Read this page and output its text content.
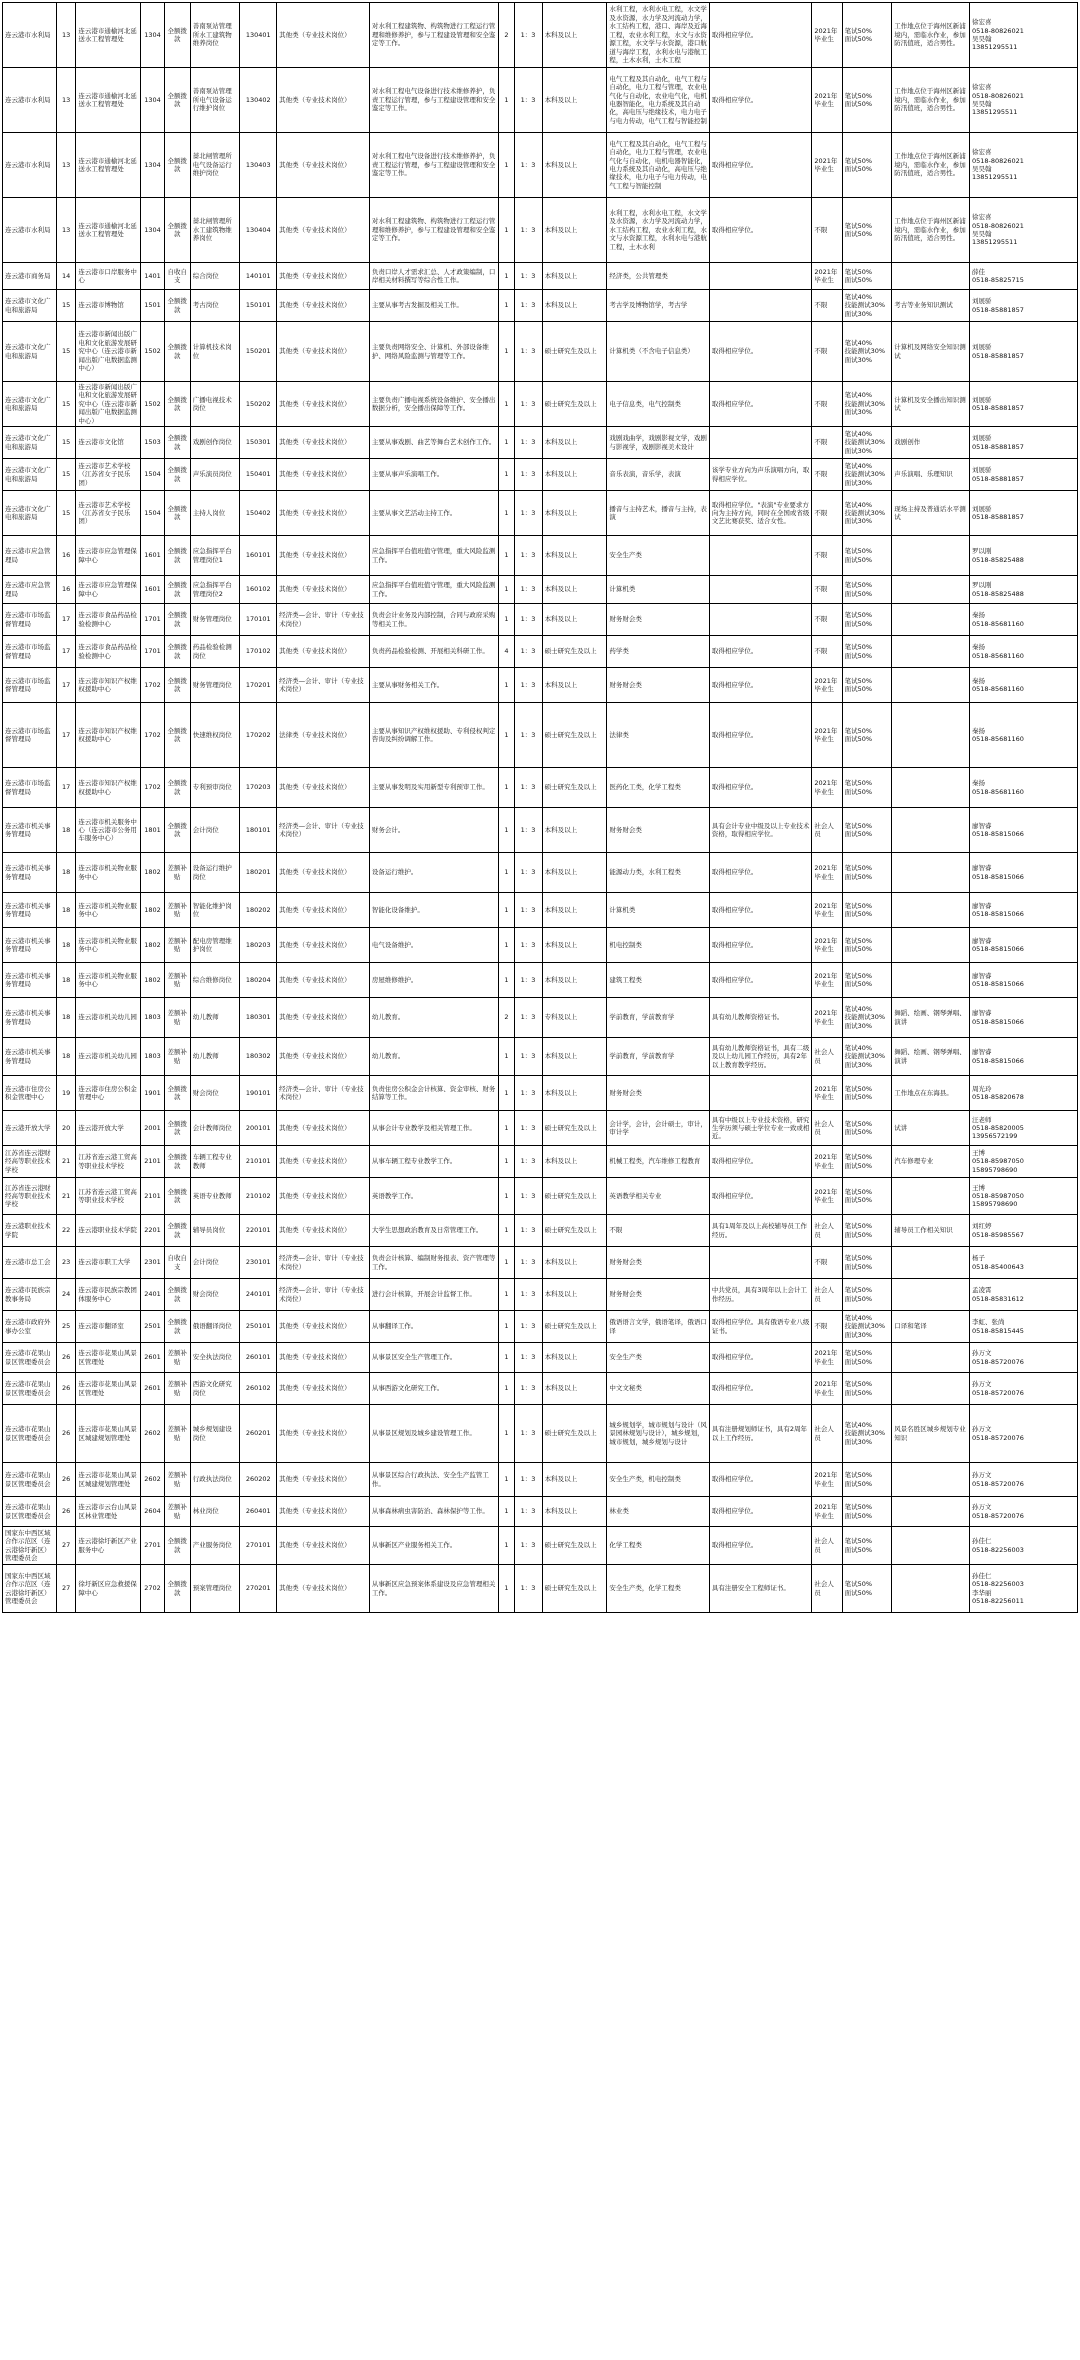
连云港市水利局	13	连云港市通榆河北延送水工程管理处	1304	全额拨款	善南泵站管理所水工建筑物维养岗位	130401	其他类（专业技术岗位）	对水利工程建筑物、构筑物进行工程运行管理和维修养护，参与工程建设管理和安全鉴定等工作。	2	1：3	本科及以上	水利工程，水利水电工程，水文学及水资源，水力学及河流动力学，水工结构工程，港口、海岸及近海工程，农业水利工程，水文与水资源工程，水文学与水资源，港口航道与海岸工程，水利水电与港航工程，土木水利，土木工程	取得相应学位。	2021年毕业生	笔试50%
面试50%	工作地点位于海州区新浦境内，需临水作业，参加防汛值班，适合男性。	徐宏喜
0518-80826021
吴昊翰
13851295511
连云港市水利局	13	连云港市通榆河北延送水工程管理处	1304	全额拨款	善南泵站管理所电气设备运行维护岗位	130402	其他类（专业技术岗位）	对水利工程电气设备进行技术维修养护，负责工程运行管理，参与工程建设管理和安全鉴定等工作。	1	1：3	本科及以上	电气工程及其自动化，电气工程与自动化，电力工程与管理，农业电气化与自动化，农业电气化，电机电器智能化，电力系统及其自动化，高电压与绝缘技术，电力电子与电力传动，电气工程与智能控制	取得相应学位。	2021年毕业生	笔试50%
面试50%	工作地点位于海州区新浦境内，需临水作业，参加防汛值班，适合男性。	徐宏喜
0518-80826021
吴昊翰
13851295511
连云港市水利局	13	连云港市通榆河北延送水工程管理处	1304	全额拨款	蔷北闸管理所电气设备运行维护岗位	130403	其他类（专业技术岗位）	对水利工程电气设备进行技术维修养护，负责工程运行管理，参与工程建设管理和安全鉴定等工作。	1	1：3	本科及以上	电气工程及其自动化，电气工程与自动化，电力工程与管理，农业电气化与自动化，电机电器智能化，电力系统及其自动化，高电压与绝缘技术，电力电子与电力传动，电气工程与智能控制	取得相应学位。	2021年毕业生	笔试50%
面试50%	工作地点位于海州区新浦境内，需临水作业，参加防汛值班，适合男性。	徐宏喜
0518-80826021
吴昊翰
13851295511
连云港市水利局	13	连云港市通榆河北延送水工程管理处	1304	全额拨款	蔷北闸管理所水工建筑物维养岗位	130404	其他类（专业技术岗位）	对水利工程建筑物、构筑物进行工程运行管理和维修养护，参与工程建设管理和安全鉴定等工作。	1	1：3	本科及以上	水利工程，水利水电工程，水文学及水资源，水力学及河流动力学，水工结构工程，农业水利工程，水文与水资源工程，水利水电与港航工程，土木水利	取得相应学位。	不限	笔试50%
面试50%	工作地点位于海州区新浦境内，需临水作业，参加防汛值班，适合男性。	徐宏喜
0518-80826021
吴昊翰
13851295511
连云港市商务局	14	连云港市口岸服务中心	1401	自收自支	综合岗位	140101	其他类（专业技术岗位）	负责口岸人才需求汇总、人才政策编制，口岸相关材料撰写等综合性工作。	1	1：3	本科及以上	经济类，公共管理类		2021年毕业生	笔试50%
面试50%		薛佳
0518-85825715
连云港市文化广电和旅游局	15	连云港市博物馆	1501	全额拨款	考古岗位	150101	其他类（专业技术岗位）	主要从事考古发掘及相关工作。	1	1：3	本科及以上	考古学及博物馆学，考古学		不限	笔试40%
技能测试30%
面试30%	考古等业务知识测试	刘展骄
0518-85881857
连云港市文化广电和旅游局	15	连云港市新闻出版广电和文化旅游发展研究中心（连云港市新闻出版广电数据监测中心）	1502	全额拨款	计算机技术岗位	150201	其他类（专业技术岗位）	主要负责网络安全、计算机、外部设备维护、网络风险监测与管理等工作。	1	1：3	硕士研究生及以上	计算机类（不含电子信息类）	取得相应学位。	不限	笔试40%
技能测试30%
面试30%	计算机及网络安全知识测试	刘展骄
0518-85881857
连云港市文化广电和旅游局	15	连云港市新闻出版广电和文化旅游发展研究中心（连云港市新闻出版广电数据监测中心）	1502	全额拨款	广播电视技术岗位	150202	其他类（专业技术岗位）	主要负责广播电视系统设备维护、安全播出数据分析，安全播出保障等工作。	1	1：3	硕士研究生及以上	电子信息类，电气控制类	取得相应学位。	不限	笔试40%
技能测试30%
面试30%	计算机及安全播出知识测试	刘展骄
0518-85881857
连云港市文化广电和旅游局	15	连云港市文化馆	1503	全额拨款	戏剧创作岗位	150301	其他类（专业技术岗位）	主要从事戏剧、曲艺等舞台艺术创作工作。	1	1：3	本科及以上	戏剧戏曲学，戏剧影视文学，戏剧与影视学，戏剧影视美术设计		不限	笔试40%
技能测试30%
面试30%	戏剧创作	刘展骄
0518-85881857
连云港市文化广电和旅游局	15	连云港市艺术学校（江苏省女子民乐团）	1504	全额拨款	声乐演员岗位	150401	其他类（专业技术岗位）	主要从事声乐演唱工作。	1	1：3	本科及以上	音乐表演，音乐学，表演	该学专业方向为声乐演唱方向，取得相应学位。	不限	笔试40%
技能测试30%
面试30%	声乐演唱、乐理知识	刘展骄
0518-85881857
连云港市文化广电和旅游局	15	连云港市艺术学校（江苏省女子民乐团）	1504	全额拨款	主持人岗位	150402	其他类（专业技术岗位）	主要从事文艺活动主持工作。	1	1：3	本科及以上	播音与主持艺术，播音与主持，表演	取得相应学位。"表演"专业要求方向为主持方向，同时在全国或省级文艺比赛获奖、适合女性。	不限	笔试40%
技能测试30%
面试30%	现场主持及普通话水平测试	刘展骄
0518-85881857
连云港市应急管理局	16	连云港市应急管理保障中心	1601	全额拨款	应急指挥平台管理岗位1	160101	其他类（专业技术岗位）	应急指挥平台值班值守管理，重大风险监测工作。	1	1：3	本科及以上	安全生产类		不限	笔试50%
面试50%		罗以刚
0518-85825488
连云港市应急管理局	16	连云港市应急管理保障中心	1601	全额拨款	应急指挥平台管理岗位2	160102	其他类（专业技术岗位）	应急指挥平台值班值守管理，重大风险监测工作。	1	1：3	本科及以上	计算机类		不限	笔试50%
面试50%		罗以刚
0518-85825488
连云港市市场监督管理局	17	连云港市食品药品检验检测中心	1701	全额拨款	财务管理岗位	170101	经济类—会计、审计（专业技术岗位）	负责会计业务及内部控制，合同与政府采购等相关工作。	1	1：3	本科及以上	财务财会类		不限	笔试50%
面试50%		秦扬
0518-85681160
连云港市市场监督管理局	17	连云港市食品药品检验检测中心	1701	全额拨款	药品检验检测岗位	170102	其他类（专业技术岗位）	负责药品检验检测、开展相关科研工作。	4	1：3	硕士研究生及以上	药学类	取得相应学位。	不限	笔试50%
面试50%		秦扬
0518-85681160
连云港市市场监督管理局	17	连云港市知识产权维权援助中心	1702	全额拨款	财务管理岗位	170201	经济类—会计、审计（专业技术岗位）	主要从事财务相关工作。	1	1：3	本科及以上	财务财会类	取得相应学位。	2021年毕业生	笔试50%
面试50%		秦扬
0518-85681160
连云港市市场监督管理局	17	连云港市知识产权维权援助中心	1702	全额拨款	快速维权岗位	170202	法律类（专业技术岗位）	主要从事知识产权维权援助、专利侵权判定咨询及纠纷调解工作。	1	1：3	硕士研究生及以上	法律类	取得相应学位。	2021年毕业生	笔试50%
面试50%		秦扬
0518-85681160
连云港市市场监督管理局	17	连云港市知识产权维权援助中心	1702	全额拨款	专利预审岗位	170203	其他类（专业技术岗位）	主要从事发明及实用新型专利预审工作。	1	1：3	硕士研究生及以上	医药化工类，化学工程类	取得相应学位。	2021年毕业生	笔试50%
面试50%		秦扬
0518-85681160
连云港市机关事务管理局	18	连云港市机关服务中心（连云港市公务用车服务中心）	1801	全额拨款	会计岗位	180101	经济类—会计、审计（专业技术岗位）	财务会计。	1	1：3	本科及以上	财务财会类	具有会计专业中级及以上专业技术资格，取得相应学位。	社会人员	笔试50%
面试50%		廖智睿
0518-85815066
连云港市机关事务管理局	18	连云港市机关物业服务中心	1802	差额补贴	设备运行维护岗位	180201	其他类（专业技术岗位）	设备运行维护。	1	1：3	本科及以上	能源动力类，水利工程类	取得相应学位。	2021年毕业生	笔试50%
面试50%		廖智睿
0518-85815066
连云港市机关事务管理局	18	连云港市机关物业服务中心	1802	差额补贴	智能化维护岗位	180202	其他类（专业技术岗位）	智能化设备维护。	1	1：3	本科及以上	计算机类	取得相应学位。	2021年毕业生	笔试50%
面试50%		廖智睿
0518-85815066
连云港市机关事务管理局	18	连云港市机关物业服务中心	1802	差额补贴	配电房管理维护岗位	180203	其他类（专业技术岗位）	电气设备维护。	1	1：3	本科及以上	机电控制类	取得相应学位。	2021年毕业生	笔试50%
面试50%		廖智睿
0518-85815066
连云港市机关事务管理局	18	连云港市机关物业服务中心	1802	差额补贴	综合维修岗位	180204	其他类（专业技术岗位）	房屋维修维护。	1	1：3	本科及以上	建筑工程类	取得相应学位。	2021年毕业生	笔试50%
面试50%		廖智睿
0518-85815066
连云港市机关事务管理局	18	连云港市机关幼儿园	1803	差额补贴	幼儿教师	180301	其他类（专业技术岗位）	幼儿教育。	2	1：3	专科及以上	学前教育，学前教育学	具有幼儿教师资格证书。	2021年毕业生	笔试40%
技能测试30%
面试30%	舞蹈、绘画、钢琴弹唱、演讲	廖智睿
0518-85815066
连云港市机关事务管理局	18	连云港市机关幼儿园	1803	差额补贴	幼儿教师	180302	其他类（专业技术岗位）	幼儿教育。	1	1：3	本科及以上	学前教育，学前教育学	具有幼儿教师资格证书，具有二级及以上幼儿园工作经历，具有2年以上教育教学经历。	社会人员	笔试40%
技能测试30%
面试30%	舞蹈、绘画、钢琴弹唱、演讲	廖智睿
0518-85815066
连云港市住房公积金管理中心	19	连云港市住房公积金管理中心	1901	全额拨款	财会岗位	190101	经济类—会计、审计（专业技术岗位）	负责住房公积金会计核算、资金审核、财务结算等工作。	1	1：3	本科及以上	财务财会类		2021年毕业生	笔试50%
面试50%	工作地点在东海县。	周光玲
0518-85820678
连云港开放大学	20	连云港开放大学	2001	全额拨款	会计教师岗位	200101	其他类（专业技术岗位）	从事会计专业教学及相关管理工作。	1	1：3	硕士研究生及以上	会计学，会计，会计硕士，审计，审计学	具有中级以上专业技术资格，研究生学历须与硕士学位专业一致或相近。	社会人员	笔试50%
面试50%	试讲	汪老师
0518-85820005
13956572199
江苏省连云港财经高等职业技术学校	21	江苏省连云港工贸高等职业技术学校	2101	全额拨款	车辆工程专业教师	210101	其他类（专业技术岗位）	从事车辆工程专业教学工作。	1	1：3	本科及以上	机械工程类，汽车维修工程教育	取得相应学位。	2021年毕业生	笔试50%
面试50%	汽车修理专业	王博
0518-85987050
15895798690
江苏省连云港财经高等职业技术学校	21	江苏省连云港工贸高等职业技术学校	2101	全额拨款	英语专业教师	210102	其他类（专业技术岗位）	英语教学工作。	1	1：3	硕士研究生及以上	英语教学相关专业	取得相应学位。	2021年毕业生	笔试50%
面试50%		王博
0518-85987050
15895798690
连云港职业技术学院	22	连云港职业技术学院	2201	全额拨款	辅导员岗位	220101	其他类（专业技术岗位）	大学生思想政治教育及日常管理工作。	1	1：3	硕士研究生及以上	不限	具有1周年及以上高校辅导员工作经历。	社会人员	笔试50%
面试50%	辅导员工作相关知识	刘红婷
0518-85985567
连云港市总工会	23	连云港市职工大学	2301	自收自支	会计岗位	230101	经济类—会计、审计（专业技术岗位）	负责会计核算、编制财务报表、资产管理等工作。	1	1：3	本科及以上	财务财会类		不限	笔试50%
面试50%		杨子
0518-85400643
连云港市民族宗教事务局	24	连云港市民族宗教团体服务中心	2401	全额拨款	财会岗位	240101	经济类—会计、审计（专业技术岗位）	进行会计核算，开展会计监督工作。	1	1：3	本科及以上	财务财会类	中共党员，具有3周年以上会计工作经历。	社会人员	笔试50%
面试50%		孟凌霄
0518-85831612
连云港市政府外事办公室	25	连云港市翻译室	2501	全额拨款	俄语翻译岗位	250101	其他类（专业技术岗位）	从事翻译工作。	1	1：3	硕士研究生及以上	俄语语言文学，俄语笔译，俄语口译	取得相应学位。具有俄语专业八级证书。	不限	笔试40%
技能测试30%
面试30%	口译和笔译	李虹、张尚
0518-85815445
连云港市花果山景区管理委员会	26	连云港市花果山风景区管理处	2601	差额补贴	安全执法岗位	260101	其他类（专业技术岗位）	从事景区安全生产管理工作。	1	1：3	本科及以上	安全生产类	取得相应学位。	2021年毕业生	笔试50%
面试50%		孙万文
0518-85720076
连云港市花果山景区管理委员会	26	连云港市花果山风景区管理处	2601	差额补贴	西游文化研究岗位	260102	其他类（专业技术岗位）	从事西游文化研究工作。	1	1：3	本科及以上	中文文秘类	取得相应学位。	2021年毕业生	笔试50%
面试50%		孙万文
0518-85720076
连云港市花果山景区管理委员会	26	连云港市花果山风景区城建规划管理处	2602	差额补贴	城乡规划建设岗位	260201	其他类（专业技术岗位）	从事景区规划及城乡建设管理工作。	1	1：3	硕士研究生及以上	城乡规划学，城市规划与设计（风景园林规划与设计），城乡规划，城市规划，城乡规划与设计	具有注册规划师证书，具有2周年以上工作经历。	社会人员	笔试40%
技能测试30%
面试30%	风景名胜区城乡规划专业知识	孙万文
0518-85720076
连云港市花果山景区管理委员会	26	连云港市花果山风景区城建规划管理处	2602	差额补贴	行政执法岗位	260202	其他类（专业技术岗位）	从事景区综合行政执法、安全生产监管工作。	1	1：3	本科及以上	安全生产类，机电控制类	取得相应学位。	2021年毕业生	笔试50%
面试50%		孙万文
0518-85720076
连云港市花果山景区管理委员会	26	连云港市云台山风景区林业管理处	2604	差额补贴	林业岗位	260401	其他类（专业技术岗位）	从事森林病虫害防治、森林保护等工作。	1	1：3	本科及以上	林业类	取得相应学位。	2021年毕业生	笔试50%
面试50%		孙万文
0518-85720076
国家东中西区域合作示范区（连云港徐圩新区）管理委员会	27	连云港徐圩新区产业服务中心	2701	全额拨款	产业服务岗位	270101	其他类（专业技术岗位）	从事新区产业服务相关工作。	1	1：3	硕士研究生及以上	化学工程类	取得相应学位。	社会人员	笔试50%
面试50%		孙佳仁
0518-82256003
国家东中西区域合作示范区（连云港徐圩新区）管理委员会	27	徐圩新区应急救援保障中心	2702	全额拨款	预案管理岗位	270201	其他类（专业技术岗位）	从事新区应急预案体系建设及应急管理相关工作。	1	1：3	硕士研究生及以上	安全生产类，化学工程类	具有注册安全工程师证书。	社会人员	笔试50%
面试50%		孙佳仁
0518-82256003
李华丽
0518-82256011
